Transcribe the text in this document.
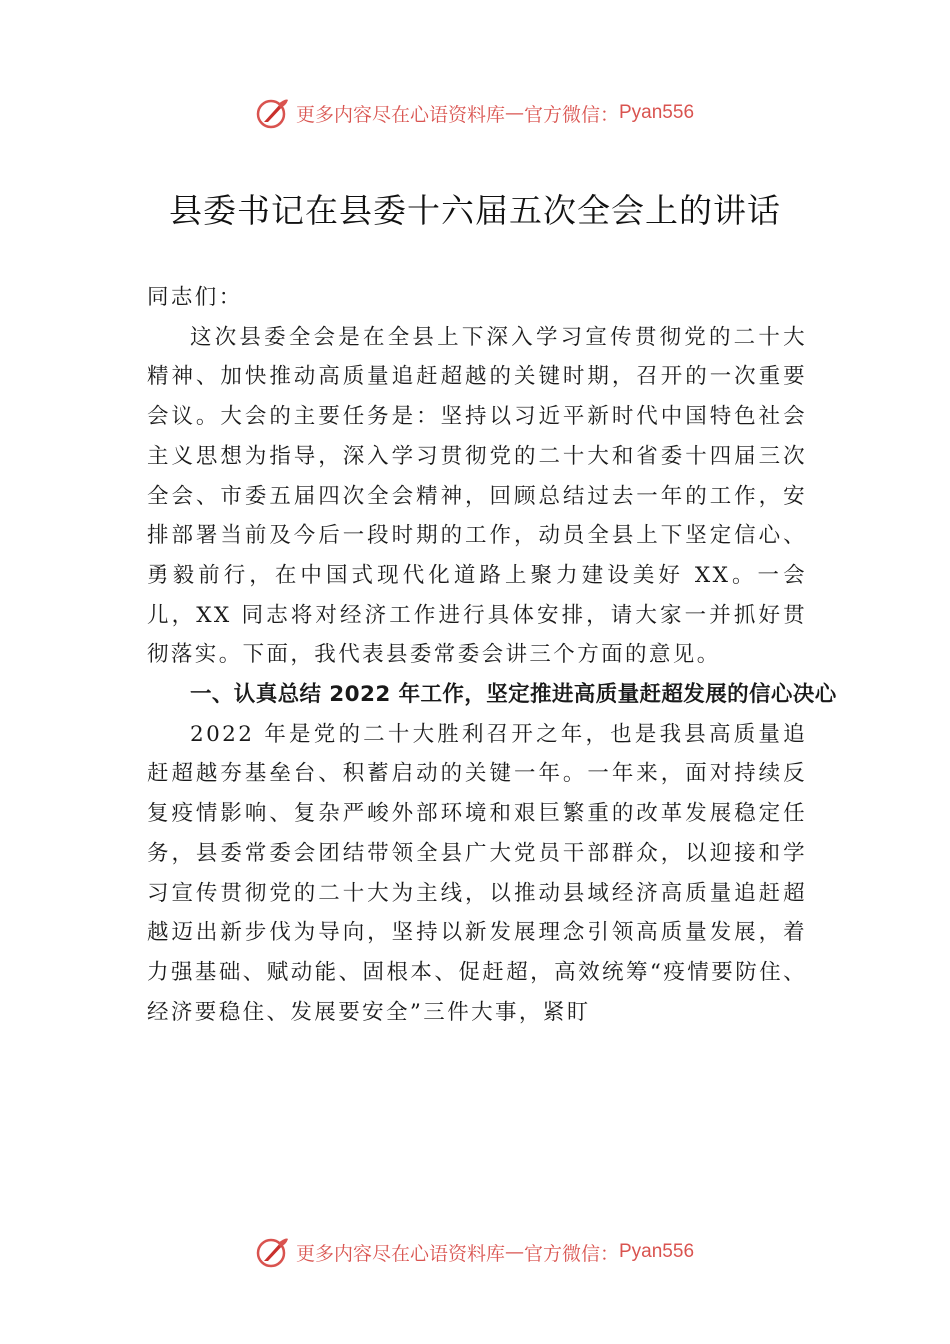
更多内容尽在心语资料库 — 官方微信： Pyan556
县委书记在县委十六届五次全会上的讲话

同志们：

这次县委全会是在全县上下深入学习宣传贯彻党的二十大精神、加快推动高质量追赶超越的关键时期，召开的一次重要会议。大会的主要任务是：坚持以习近平新时代中国特色社会主义思想为指导，深入学习贯彻党的二十大和省委十四届三次全会、市委五届四次全会精神，回顾总结过去一年的工作，安排部署当前及今后一段时期的工作，动员全县上下坚定信心、勇毅前行，在中国式现代化道路上聚力建设美好 XX。一会儿，XX 同志将对经济工作进行具体安排，请大家一并抓好贯彻落实。下面，我代表县委常委会讲三个方面的意见。

一、认真总结 2022 年工作，坚定推进高质量赶超发展的信心决心

2022 年是党的二十大胜利召开之年，也是我县高质量追赶超越夯基垒台、积蓄启动的关键一年。一年来，面对持续反复疫情影响、复杂严峻外部环境和艰巨繁重的改革发展稳定任务，县委常委会团结带领全县广大党员干部群众，以迎接和学习宣传贯彻党的二十大为主线，以推动县域经济高质量追赶超越迈出新步伐为导向，坚持以新发展理念引领高质量发展，着力强基础、赋动能、固根本、促赶超，高效统筹“疫情要防住、经济要稳住、发展要安全”三件大事，紧盯

更多内容尽在心语资料库 — 官方微信： Pyan556
